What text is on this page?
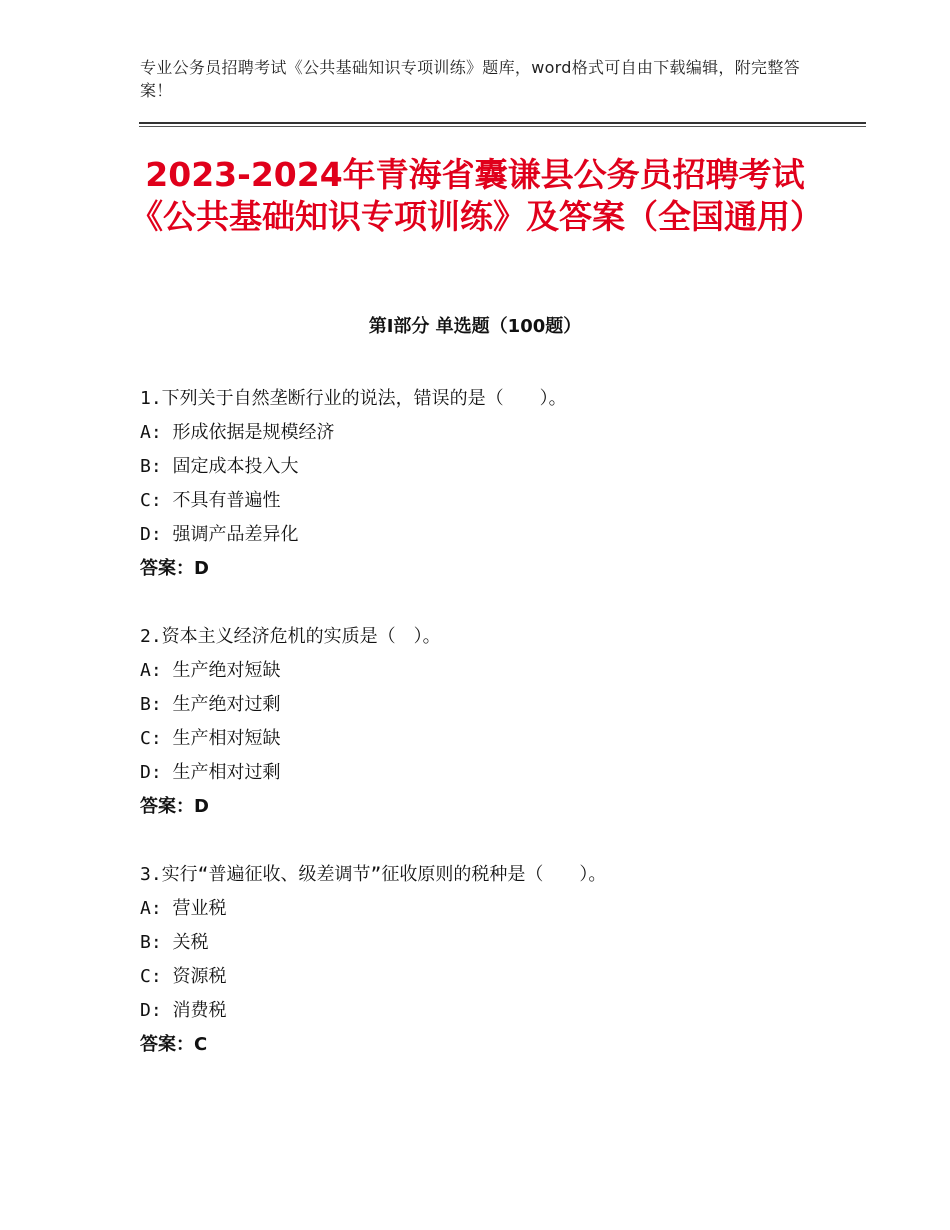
专业公务员招聘考试《公共基础知识专项训练》题库，word格式可自由下载编辑，附完整答案！
2023-2024年青海省囊谦县公务员招聘考试《公共基础知识专项训练》及答案（全国通用）
第Ⅰ部分 单选题（100题）
1.下列关于自然垄断行业的说法，错误的是（　　）。
A: 形成依据是规模经济
B: 固定成本投入大
C: 不具有普遍性
D: 强调产品差异化
答案：D
2.资本主义经济危机的实质是（　）。
A: 生产绝对短缺
B: 生产绝对过剩
C: 生产相对短缺
D: 生产相对过剩
答案：D
3.实行“普遍征收、级差调节”征收原则的税种是（　　）。
A: 营业税
B: 关税
C: 资源税
D: 消费税
答案：C
